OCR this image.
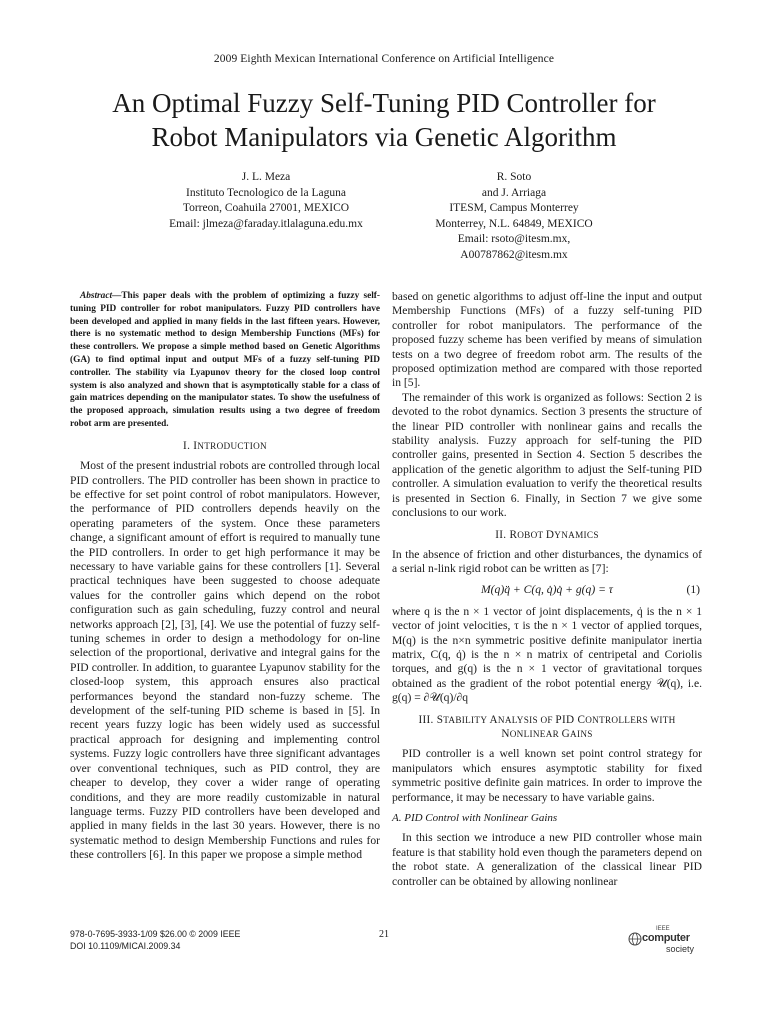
2009 Eighth Mexican International Conference on Artificial Intelligence
An Optimal Fuzzy Self-Tuning PID Controller for
Robot Manipulators via Genetic Algorithm
J. L. Meza
Instituto Tecnologico de la Laguna
Torreon, Coahuila 27001, MEXICO
Email: jlmeza@faraday.itlalaguna.edu.mx
R. Soto
and J. Arriaga
ITESM, Campus Monterrey
Monterrey, N.L. 64849, MEXICO
Email: rsoto@itesm.mx,
A00787862@itesm.mx

Abstract—This paper deals with the problem of optimizing a fuzzy self-tuning PID controller for robot manipulators. Fuzzy PID controllers have been developed and applied in many fields in the last fifteen years. However, there is no systematic method to design Membership Functions (MFs) for these controllers. We propose a simple method based on Genetic Algorithms (GA) to find optimal input and output MFs of a fuzzy self-tuning PID controller. The stability via Lyapunov theory for the closed loop control system is also analyzed and shown that is asymptotically stable for a class of gain matrices depending on the manipulator states. To show the usefulness of the proposed approach, simulation results using a two degree of freedom robot arm are presented.

I. INTRODUCTION

Most of the present industrial robots are controlled through local PID controllers. The PID controller has been shown in practice to be effective for set point control of robot manipulators. However, the performance of PID controllers depends heavily on the operating parameters of the system. Once these parameters change, a significant amount of effort is required to manually tune the PID controllers. In order to get high performance it may be necessary to have variable gains for these controllers [1]. Several practical techniques have been suggested to choose adequate values for the controller gains which depend on the robot configuration such as gain scheduling, fuzzy control and neural networks approach [2], [3], [4]. We use the potential of fuzzy self-tuning schemes in order to design a methodology for on-line selection of the proportional, derivative and integral gains for the PID controller. In addition, to guarantee Lyapunov stability for the closed-loop system, this approach ensures also practical performances beyond the standard non-fuzzy scheme. The development of the self-tuning PID scheme is based in [5]. In recent years fuzzy logic has been widely used as successful practical approach for designing and implementing control systems. Fuzzy logic controllers have three significant advantages over conventional techniques, such as PID control, they are cheaper to develop, they cover a wider range of operating conditions, and they are more readily customizable in natural language terms. Fuzzy PID controllers have been developed and applied in many fields in the last 30 years. However, there is no systematic method to design Membership Functions and rules for these controllers [6]. In this paper we propose a simple method

based on genetic algorithms to adjust off-line the input and output Membership Functions (MFs) of a fuzzy self-tuning PID controller for robot manipulators. The performance of the proposed fuzzy scheme has been verified by means of simulation tests on a two degree of freedom robot arm. The results of the proposed optimization method are compared with those reported in [5].

The remainder of this work is organized as follows: Section 2 is devoted to the robot dynamics. Section 3 presents the structure of the linear PID controller with nonlinear gains and recalls the stability analysis. Fuzzy approach for self-tuning the PID controller gains, presented in Section 4. Section 5 describes the application of the genetic algorithm to adjust the Self-tuning PID controller. A simulation evaluation to verify the theoretical results is presented in Section 6. Finally, in Section 7 we give some conclusions to our work.

II. ROBOT DYNAMICS

In the absence of friction and other disturbances, the dynamics of a serial n-link rigid robot can be written as [7]:

M(q)q̈ + C(q, q̇)q̇ + g(q) = τ	(1)

where q is the n × 1 vector of joint displacements, q̇ is the n × 1 vector of joint velocities, τ is the n × 1 vector of applied torques, M(q) is the n×n symmetric positive definite manipulator inertia matrix, C(q, q̇) is the n × n matrix of centripetal and Coriolis torques, and g(q) is the n × 1 vector of gravitational torques obtained as the gradient of the robot potential energy 𝒰(q), i.e. g(q) = ∂𝒰(q)/∂q

III. STABILITY ANALYSIS OF PID CONTROLLERS WITH
NONLINEAR GAINS

PID controller is a well known set point control strategy for manipulators which ensures asymptotic stability for fixed symmetric positive definite gain matrices. In order to improve the performance, it may be necessary to have variable gains.

A. PID Control with Nonlinear Gains

In this section we introduce a new PID controller whose main feature is that stability hold even though the parameters depend on the robot state. A generalization of the classical linear PID controller can be obtained by allowing nonlinear

978-0-7695-3933-1/09 $26.00 © 2009 IEEE
DOI 10.1109/MICAI.2009.34
21	IEEE
computer
society
